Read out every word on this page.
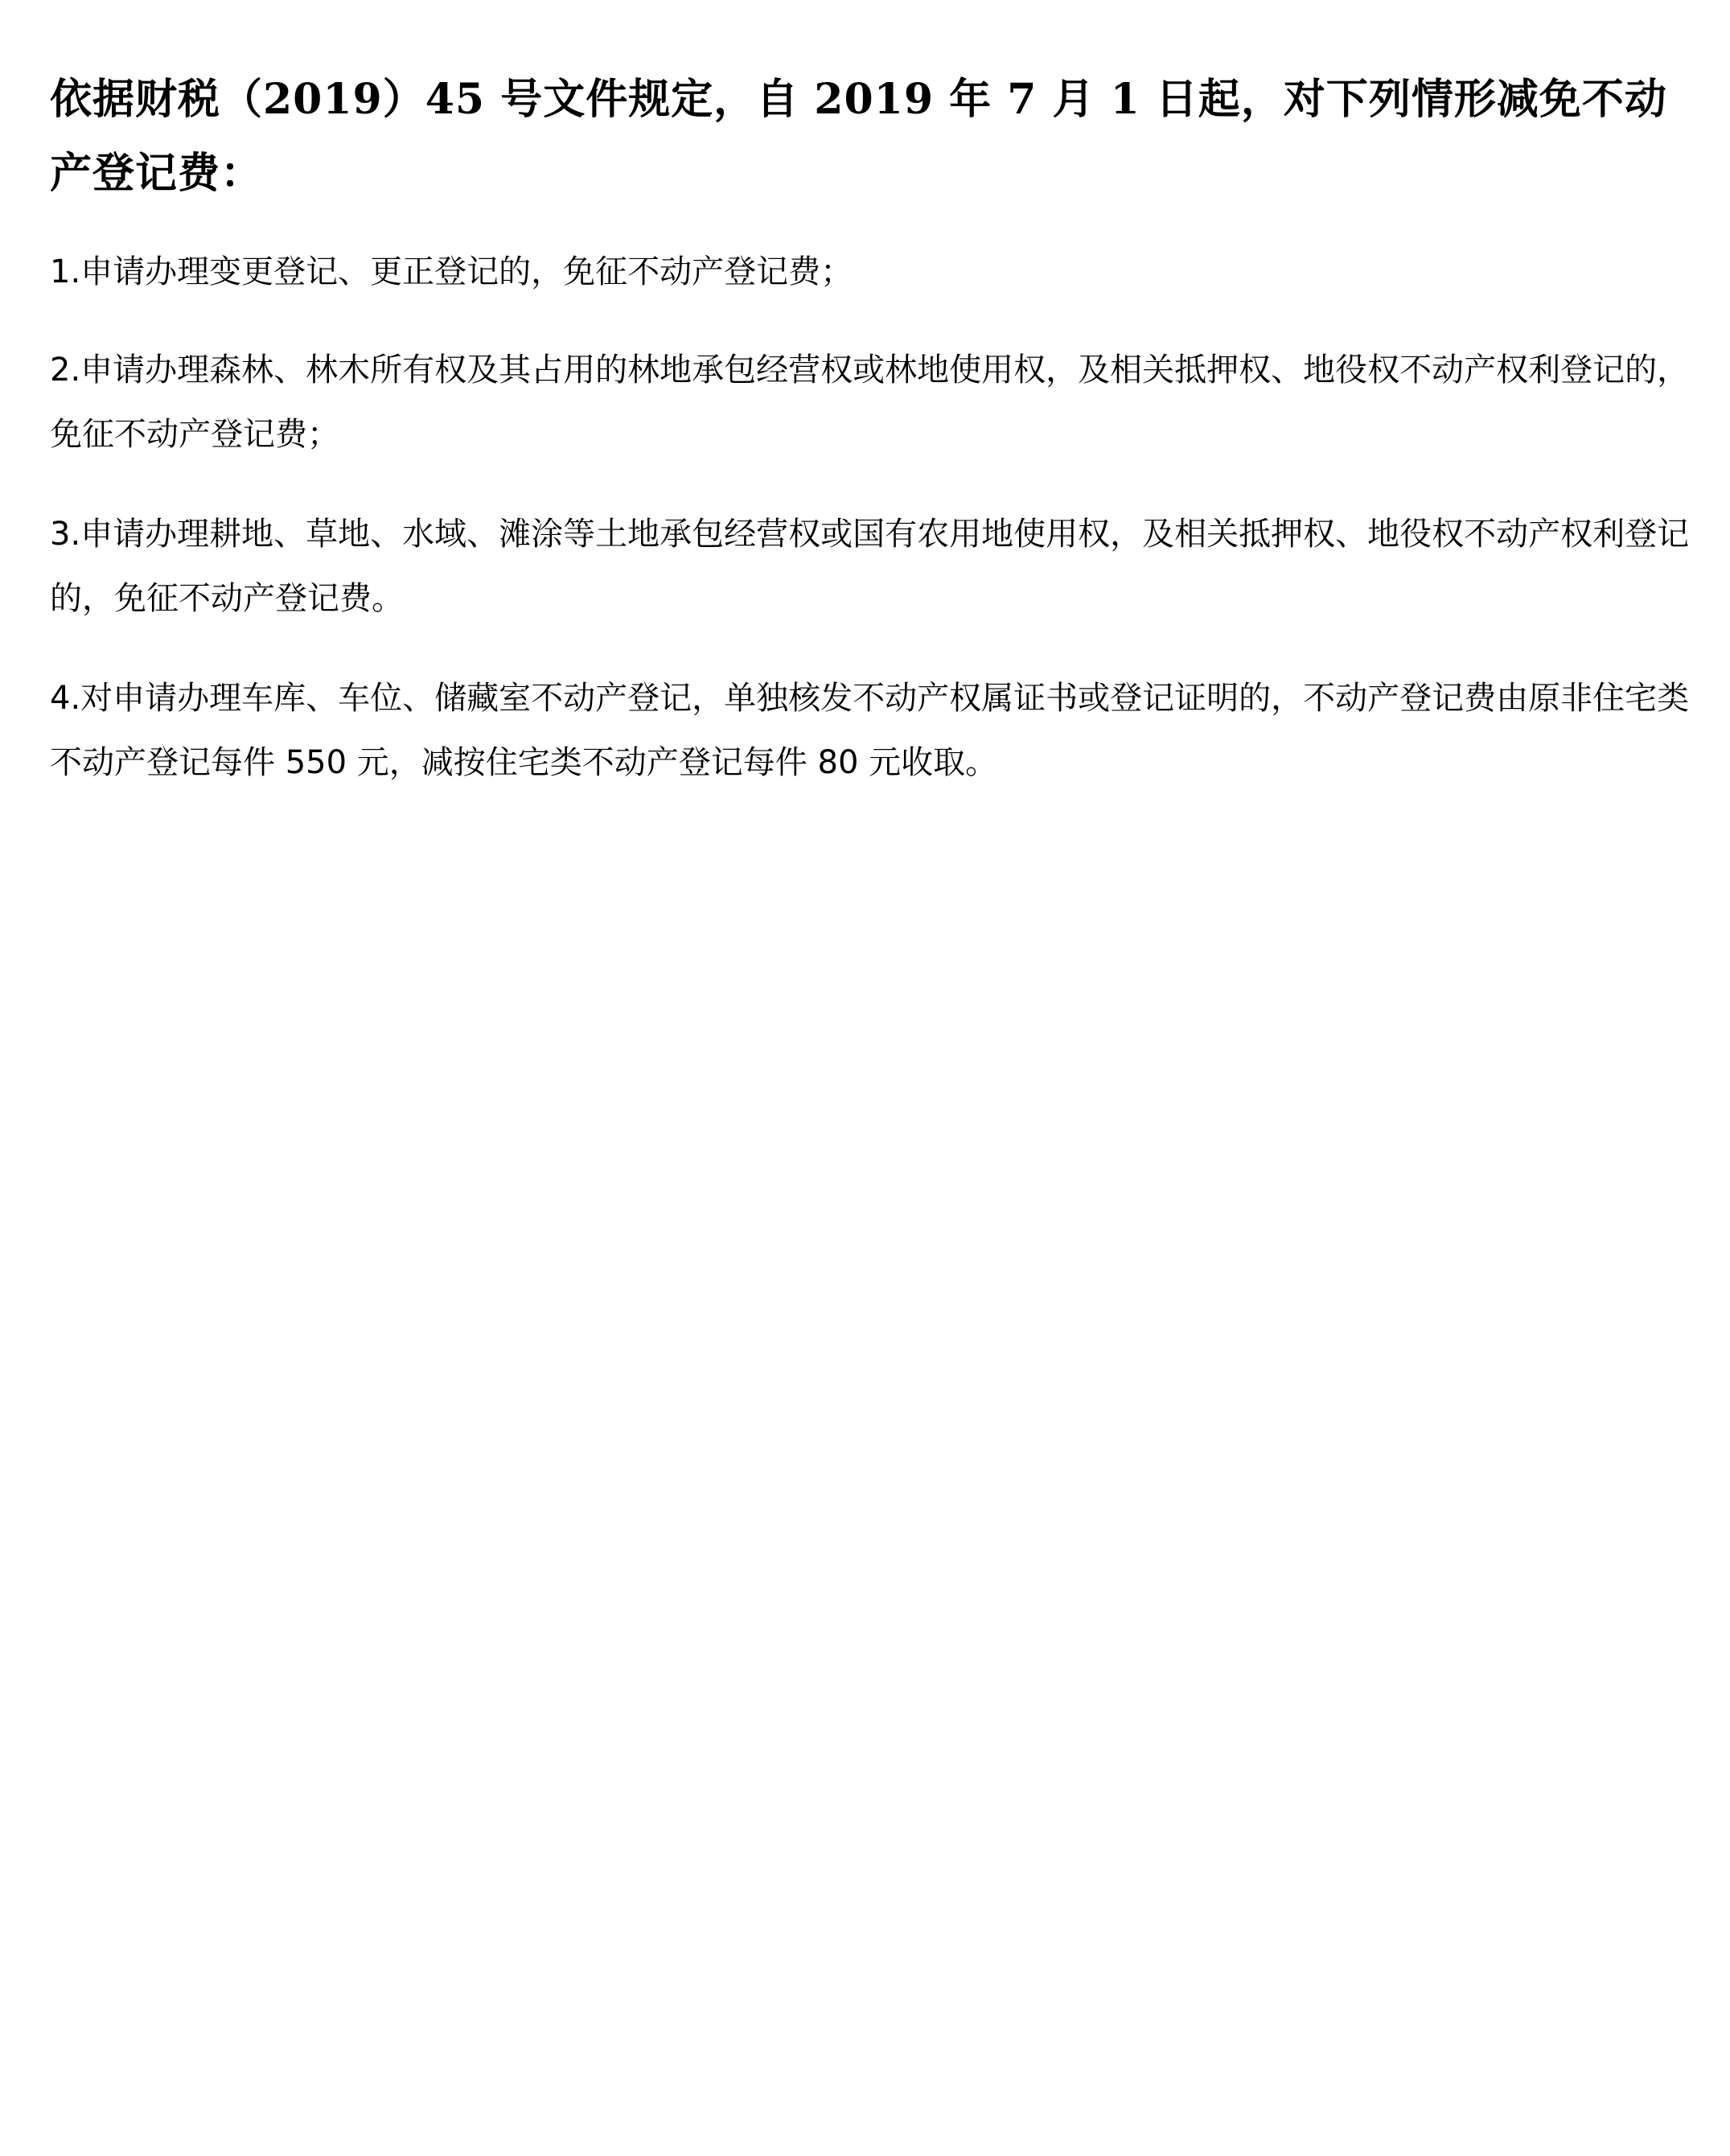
依据财税（2019）45 号文件规定，自 2019 年 7 月 1 日起，对下列情形减免不动产登记费：

1.申请办理变更登记、更正登记的，免征不动产登记费；

2.申请办理森林、林木所有权及其占用的林地承包经营权或林地使用权，及相关抵押权、地役权不动产权利登记的，免征不动产登记费；

3.申请办理耕地、草地、水域、滩涂等土地承包经营权或国有农用地使用权，及相关抵押权、地役权不动产权利登记的，免征不动产登记费。

4.对申请办理车库、车位、储藏室不动产登记，单独核发不动产权属证书或登记证明的，不动产登记费由原非住宅类不动产登记每件 550 元，减按住宅类不动产登记每件 80 元收取。
